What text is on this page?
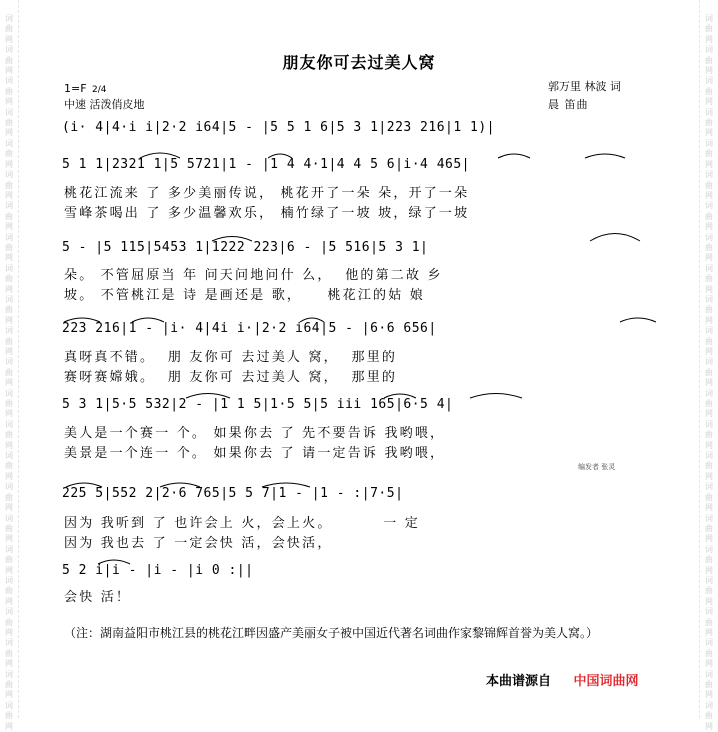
词曲网 词曲网 词曲网 词曲网 词曲网 词曲网 词曲网 词曲网 词曲网 词曲网 词曲网 词曲网 词曲网 词曲网 词曲网 词曲网 词曲网 词曲网 词曲网 词曲网 词曲网 词曲网 词曲网
词曲网 词曲网 词曲网 词曲网 词曲网 词曲网 词曲网 词曲网 词曲网 词曲网 词曲网 词曲网 词曲网 词曲网 词曲网 词曲网 词曲网 词曲网 词曲网 词曲网 词曲网 词曲网 词曲网
朋友你可去过美人窝
1=F 2/4
中速 活泼俏皮地
郭万里 林波 词
晨 笛曲
(i· 4|4·i i|2·2 i64|5 - |5 5 1 6|5 3 1|223 216|1 1)|
5 1 1|2321 1|5 5721|1 - |1 4 4·1|4 4 5 6|i·4 465|
桃花江流来 了 多少美丽传说， 桃花开了一朵 朵，开了一朵
雪峰茶喝出 了 多少温馨欢乐， 楠竹绿了一坡 坡，绿了一坡
5 - |5 115|5453 1|1222 223|6 - |5 516|5 3 1|
朵。 不管屈原当 年 问天问地问什 么，  他的第二故 乡
坡。 不管桃江是 诗 是画还是 歌，    桃花江的姑 娘
223 216|1 - |i· 4|4i i·|2·2 i64|5 - |6·6 656|
真呀真不错。  朋 友你可 去过美人 窝，  那里的
赛呀赛嫦娥。  朋 友你可 去过美人 窝，  那里的
5 3 1|5·5 532|2 - |1 1 5|1·5 5|5 iii 165|6·5 4|
美人是一个赛一 个。 如果你去 了 先不要告诉 我哟喂，
美景是一个连一 个。 如果你去 了 请一定告诉 我哟喂，
编发者 张灵
225 5|552 2|2·6 765|5 5 7|1 - |1 - :|7·5|
因为 我听到 了 也许会上 火，会上火。        一 定
因为 我也去 了 一定会快 活，会快活，
5 2 i|i - |i - |i 0 :||
会快 活！
（注：湖南益阳市桃江县的桃花江畔因盛产美丽女子被中国近代著名词曲作家黎锦辉首誉为美人窝。）
本曲谱源自 中国词曲网
